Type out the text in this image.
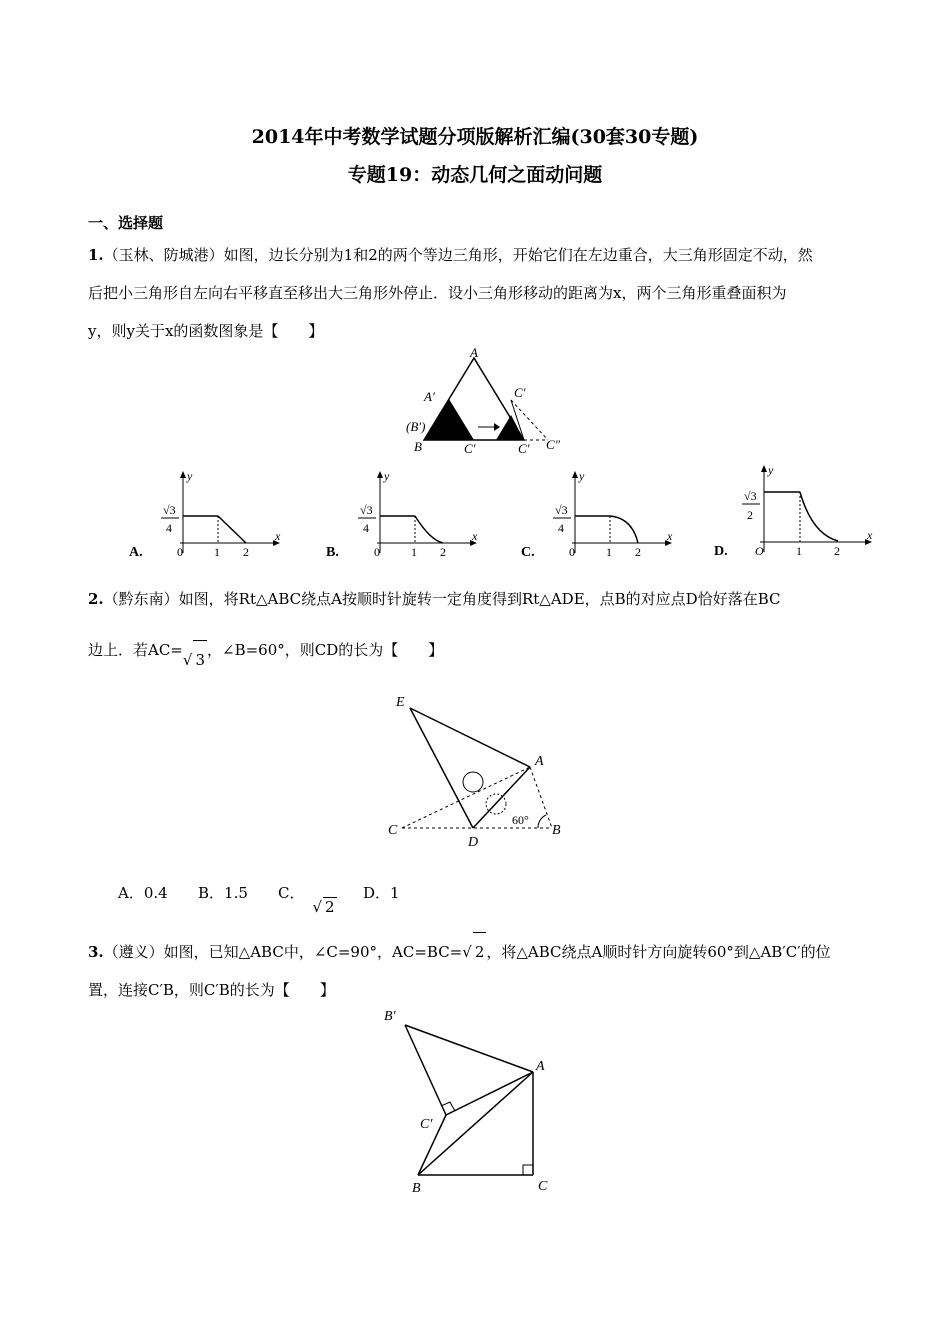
2014年中考数学试题分项版解析汇编(30套30专题)
专题19：动态几何之面动问题
一、选择题
1.（玉林、防城港）如图，边长分别为1和2的两个等边三角形，开始它们在左边重合，大三角形固定不动，然
后把小三角形自左向右平移直至移出大三角形外停止．设小三角形移动的距离为x，两个三角形重叠面积为
y，则y关于x的函数图象是【　　】
A
A′	C′
(B′)
B	C′	C′ C″
√3
4
y
x
0	1 2
A.
√3
4
y
x
0	1 2
B.
√3
4
y
x
0	1 2
C.
√3
2
y
x
O	1	2
D.
2.（黔东南）如图，将Rt△ABC绕点A按顺时针旋转一定角度得到Rt△ADE，点B的对应点D恰好落在BC
边上．若AC=√ 3，∠B=60°，则CD的长为【　　】
E
A
C
D
B
60°
A．0.4 B．1.5 C．√ 2
D．1
3.（遵义）如图，已知△ABC中，∠C=90°，AC=BC=√ 2 ，将△ABC绕点A顺时针方向旋转60°到△AB′C′的位
置，连接C′B，则C′B的长为【　　】
B′
A
C′
B	C
